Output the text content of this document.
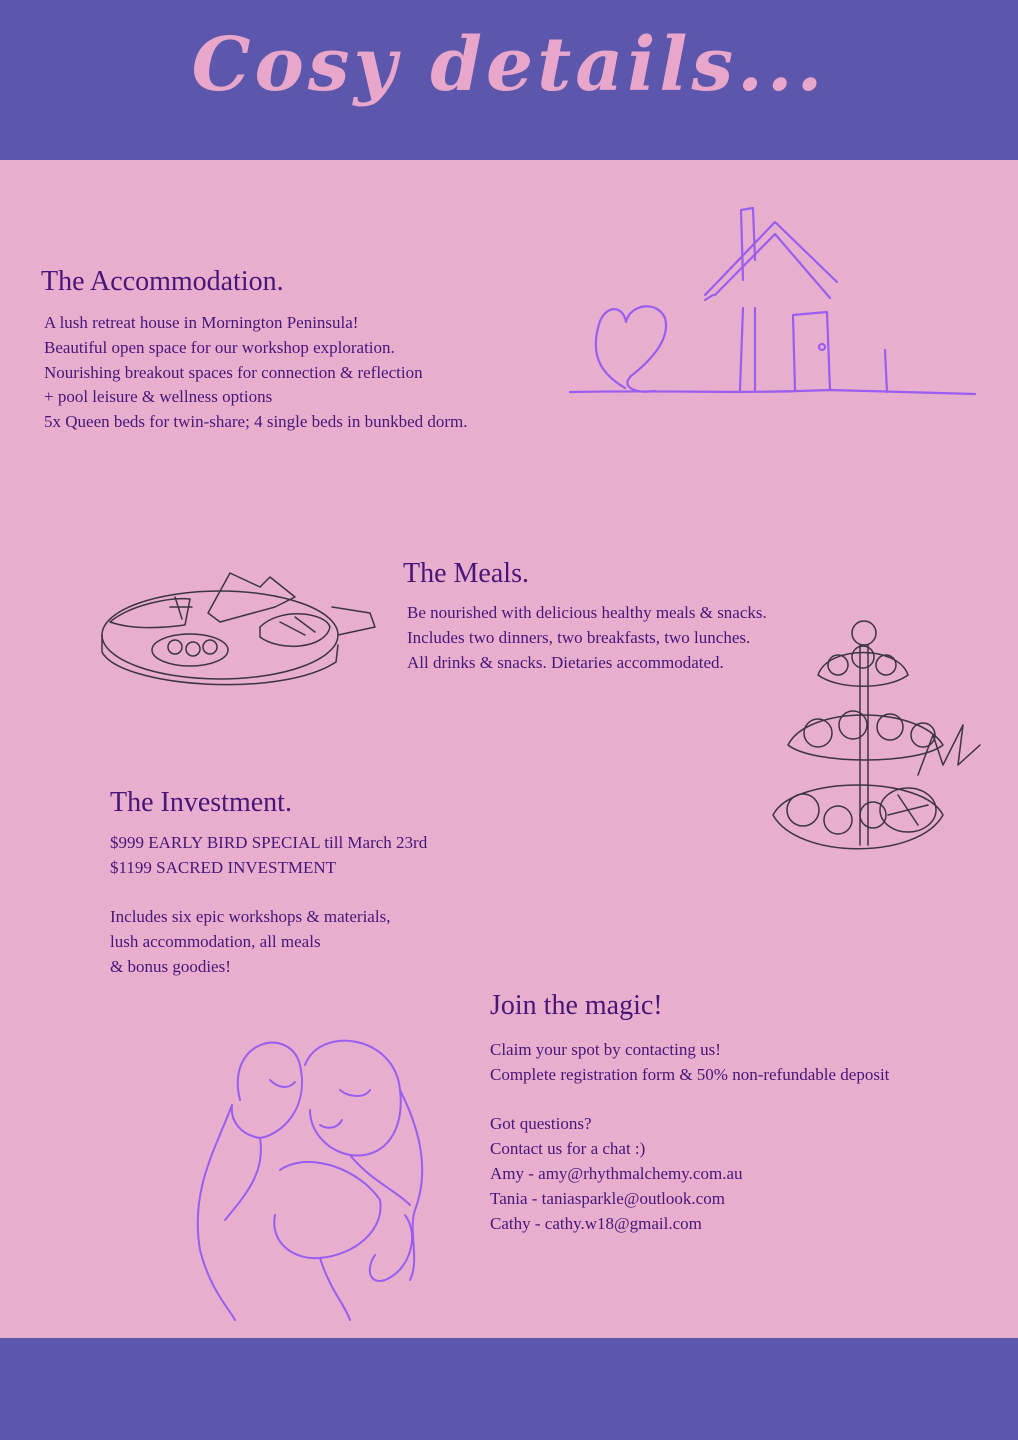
Cosy details...
The Accommodation.
A lush retreat house in Mornington Peninsula!
Beautiful open space for our workshop exploration.
Nourishing breakout spaces for connection & reflection
+ pool leisure & wellness options
5x Queen beds for twin-share; 4 single beds in bunkbed dorm.
The Meals.
Be nourished with delicious healthy meals & snacks.
Includes two dinners, two breakfasts, two lunches.
All drinks & snacks. Dietaries accommodated.
The Investment.
$999 EARLY BIRD SPECIAL till March 23rd
$1199 SACRED INVESTMENT
Includes six epic workshops & materials,
lush accommodation, all meals
& bonus goodies!
Join the magic!
Claim your spot by contacting us!
Complete registration form & 50% non-refundable deposit
Got questions?
Contact us for a chat :)
Amy - amy@rhythmalchemy.com.au
Tania - taniasparkle@outlook.com
Cathy - cathy.w18@gmail.com
